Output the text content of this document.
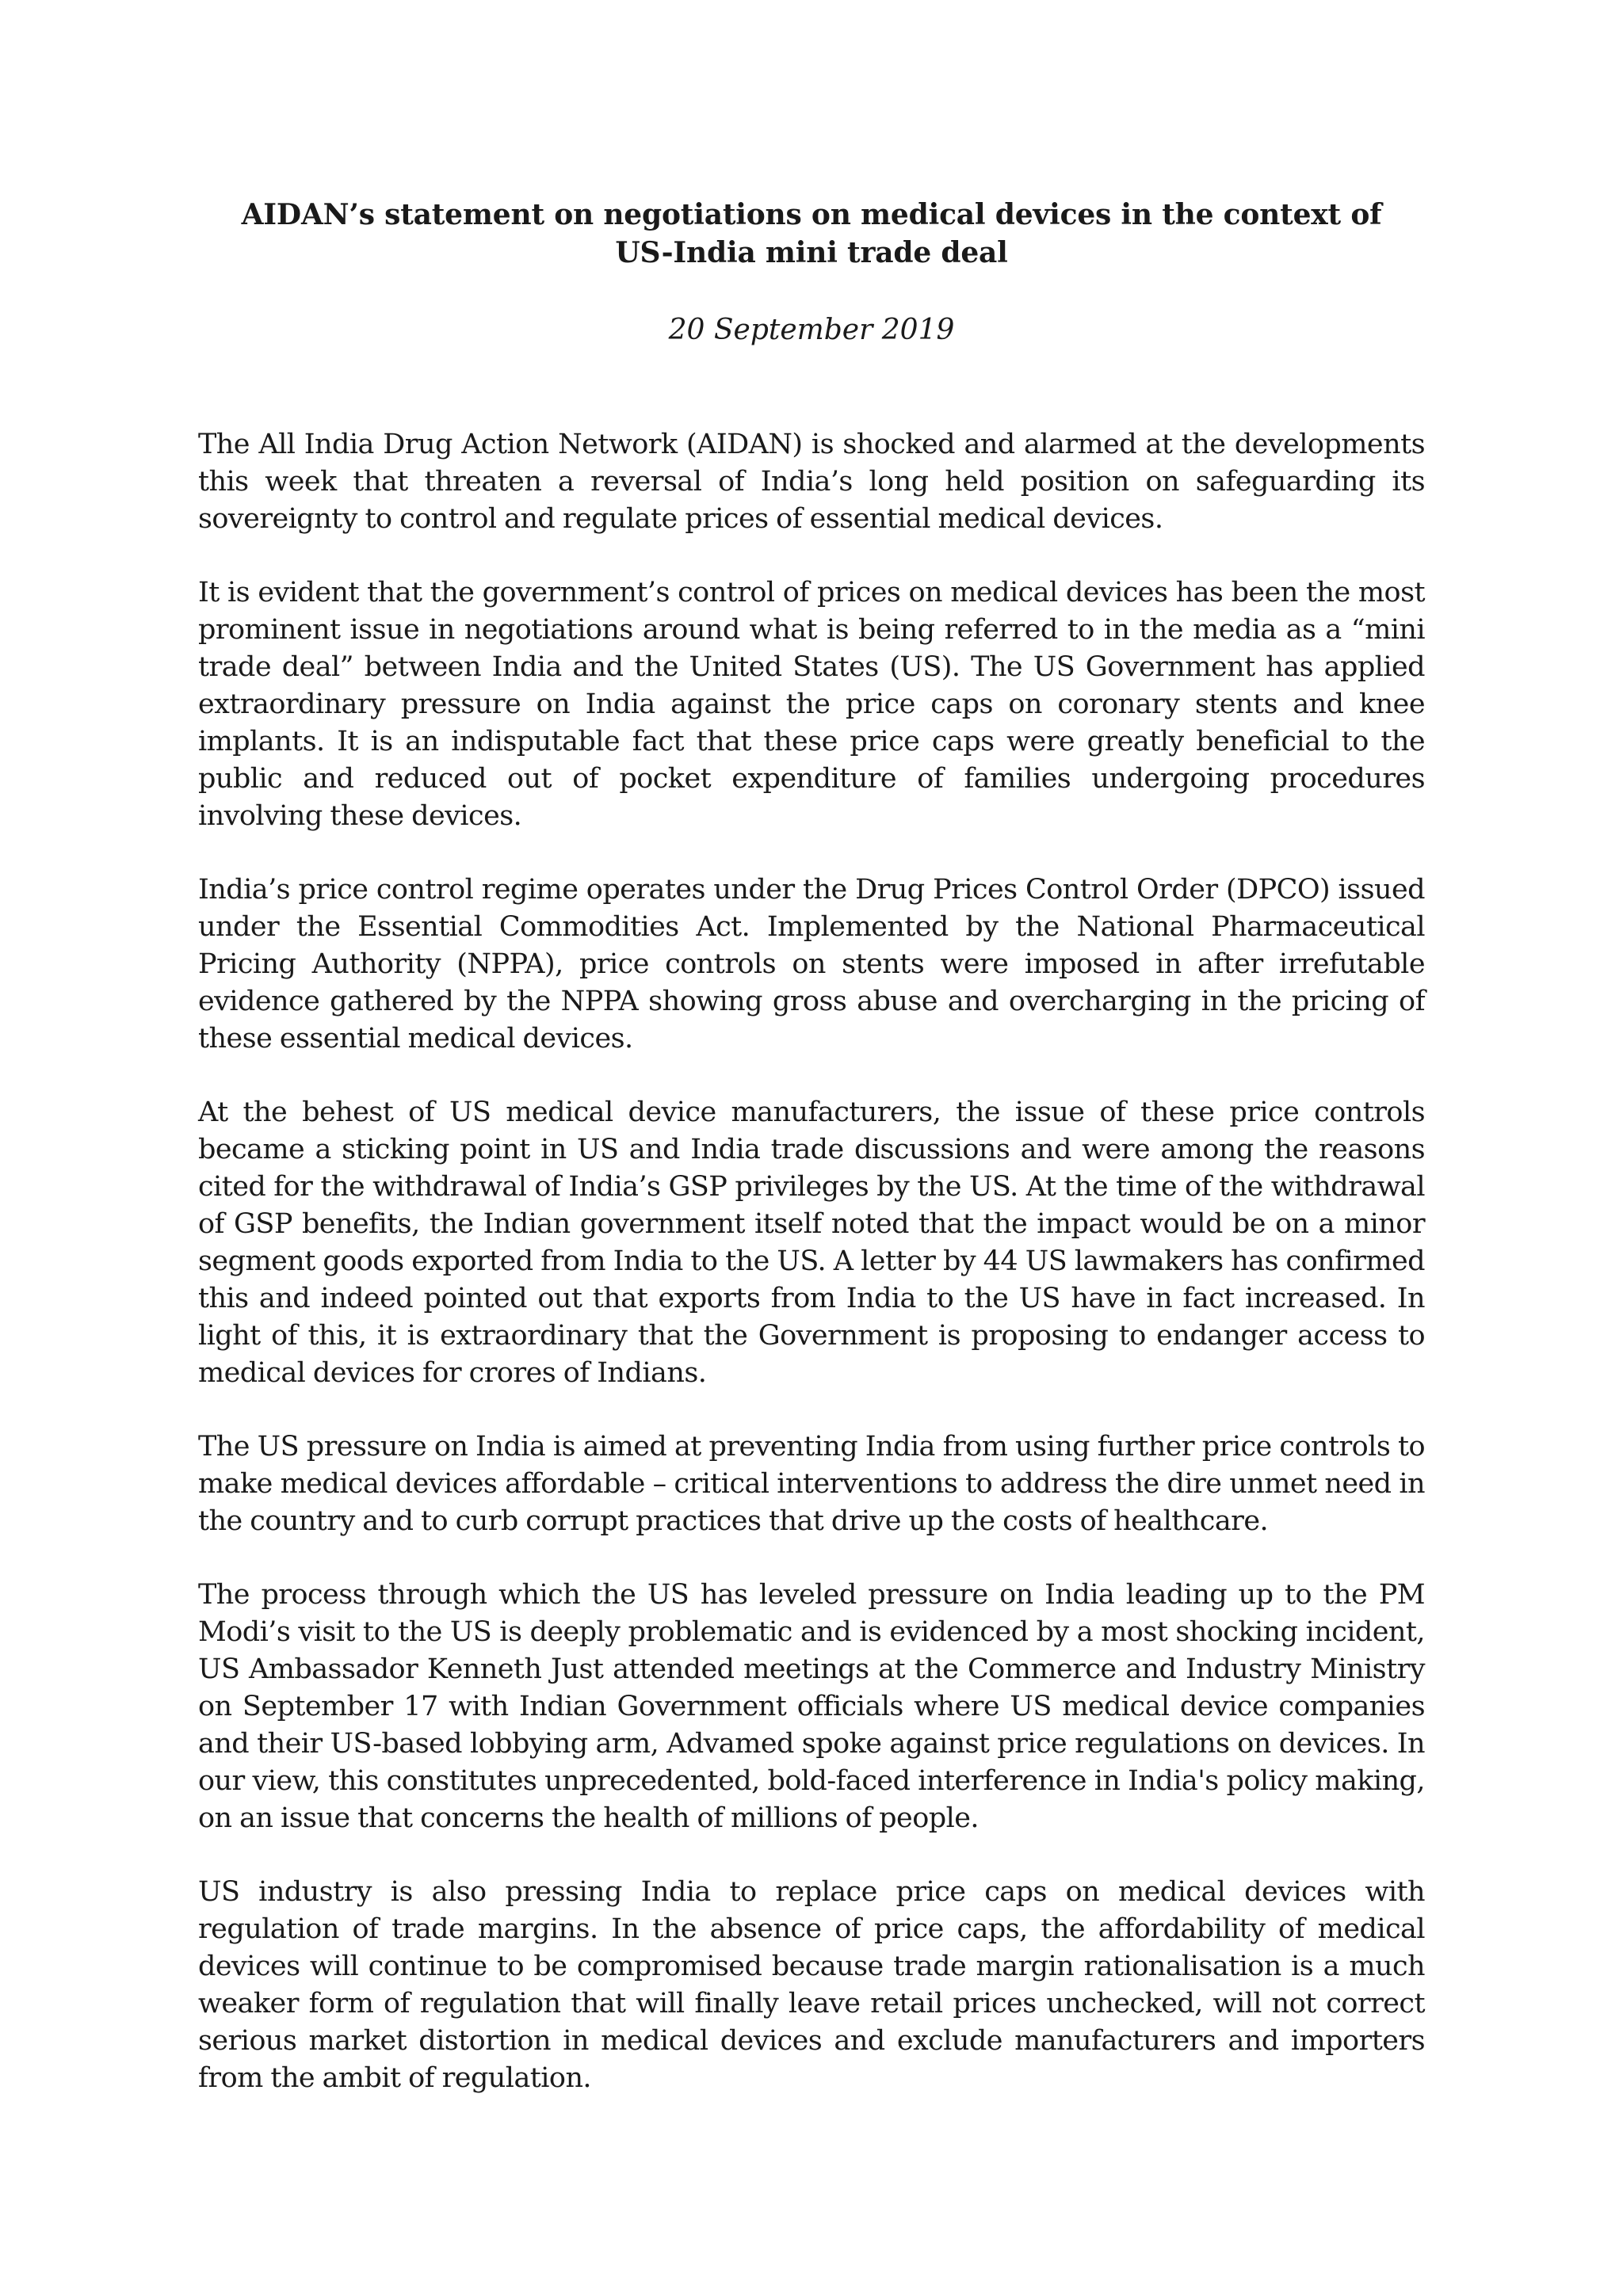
AIDAN’s statement on negotiations on medical devices in the context of
US-India mini trade deal
20 September 2019

The All India Drug Action Network (AIDAN) is shocked and alarmed at the developments this week that threaten a reversal of India’s long held position on safeguarding its sovereignty to control and regulate prices of essential medical devices.

It is evident that the government’s control of prices on medical devices has been the most prominent issue in negotiations around what is being referred to in the media as a “mini trade deal” between India and the United States (US). The US Government has applied extraordinary pressure on India against the price caps on coronary stents and knee implants. It is an indisputable fact that these price caps were greatly beneficial to the public and reduced out of pocket expenditure of families undergoing procedures involving these devices.

India’s price control regime operates under the Drug Prices Control Order (DPCO) issued under the Essential Commodities Act. Implemented by the National Pharmaceutical Pricing Authority (NPPA), price controls on stents were imposed in after irrefutable evidence gathered by the NPPA showing gross abuse and overcharging in the pricing of these essential medical devices.

At the behest of US medical device manufacturers, the issue of these price controls became a sticking point in US and India trade discussions and were among the reasons cited for the withdrawal of India’s GSP privileges by the US. At the time of the withdrawal of GSP benefits, the Indian government itself noted that the impact would be on a minor segment goods exported from India to the US. A letter by 44 US lawmakers has confirmed this and indeed pointed out that exports from India to the US have in fact increased. In light of this, it is extraordinary that the Government is proposing to endanger access to medical devices for crores of Indians.

The US pressure on India is aimed at preventing India from using further price controls to make medical devices affordable – critical interventions to address the dire unmet need in the country and to curb corrupt practices that drive up the costs of healthcare.

The process through which the US has leveled pressure on India leading up to the PM Modi’s visit to the US is deeply problematic and is evidenced by a most shocking incident, US Ambassador Kenneth Just attended meetings at the Commerce and Industry Ministry on September 17 with Indian Government officials where US medical device companies and their US-based lobbying arm, Advamed spoke against price regulations on devices. In our view, this constitutes unprecedented, bold-faced interference in India's policy making, on an issue that concerns the health of millions of people.

US industry is also pressing India to replace price caps on medical devices with regulation of trade margins. In the absence of price caps, the affordability of medical devices will continue to be compromised because trade margin rationalisation is a much weaker form of regulation that will finally leave retail prices unchecked, will not correct serious market distortion in medical devices and exclude manufacturers and importers from the ambit of regulation.
